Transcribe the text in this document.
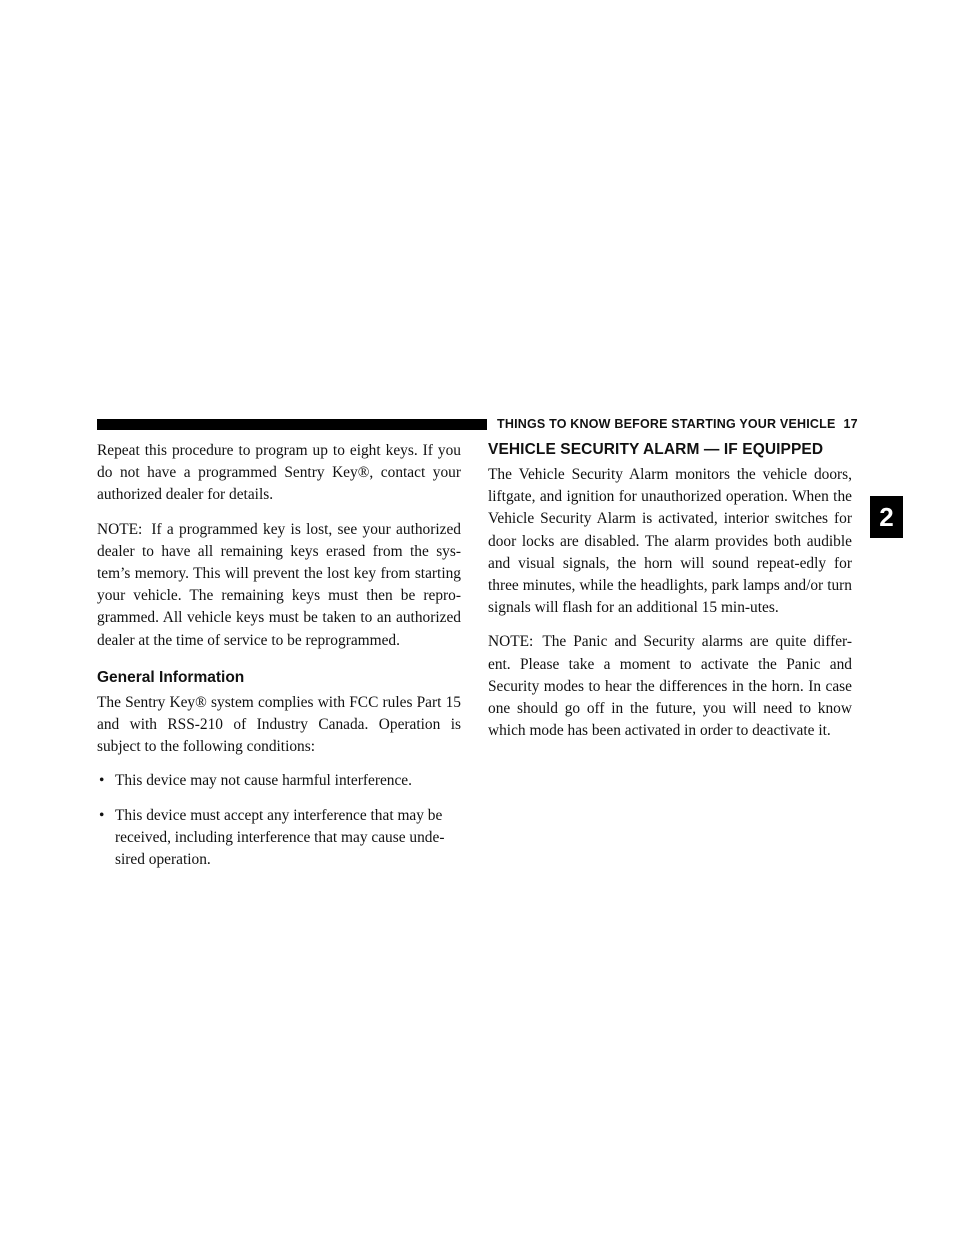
THINGS TO KNOW BEFORE STARTING YOUR VEHICLE 17

Repeat this procedure to program up to eight keys. If you do not have a programmed Sentry Key®, contact your authorized dealer for details.

NOTE: If a programmed key is lost, see your authorized dealer to have all remaining keys erased from the sys-tem’s memory. This will prevent the lost key from starting your vehicle. The remaining keys must then be repro-grammed. All vehicle keys must be taken to an authorized dealer at the time of service to be reprogrammed.

General Information

The Sentry Key® system complies with FCC rules Part 15 and with RSS-210 of Industry Canada. Operation is subject to the following conditions:

• This device may not cause harmful interference.
• This device must accept any interference that may be received, including interference that may cause unde-sired operation.
VEHICLE SECURITY ALARM — IF EQUIPPED

The Vehicle Security Alarm monitors the vehicle doors, liftgate, and ignition for unauthorized operation. When the Vehicle Security Alarm is activated, interior switches for door locks are disabled. The alarm provides both audible and visual signals, the horn will sound repeat-edly for three minutes, while the headlights, park lamps and/or turn signals will flash for an additional 15 min-utes.

NOTE: The Panic and Security alarms are quite differ-ent. Please take a moment to activate the Panic and Security modes to hear the differences in the horn. In case one should go off in the future, you will need to know which mode has been activated in order to deactivate it.

2
